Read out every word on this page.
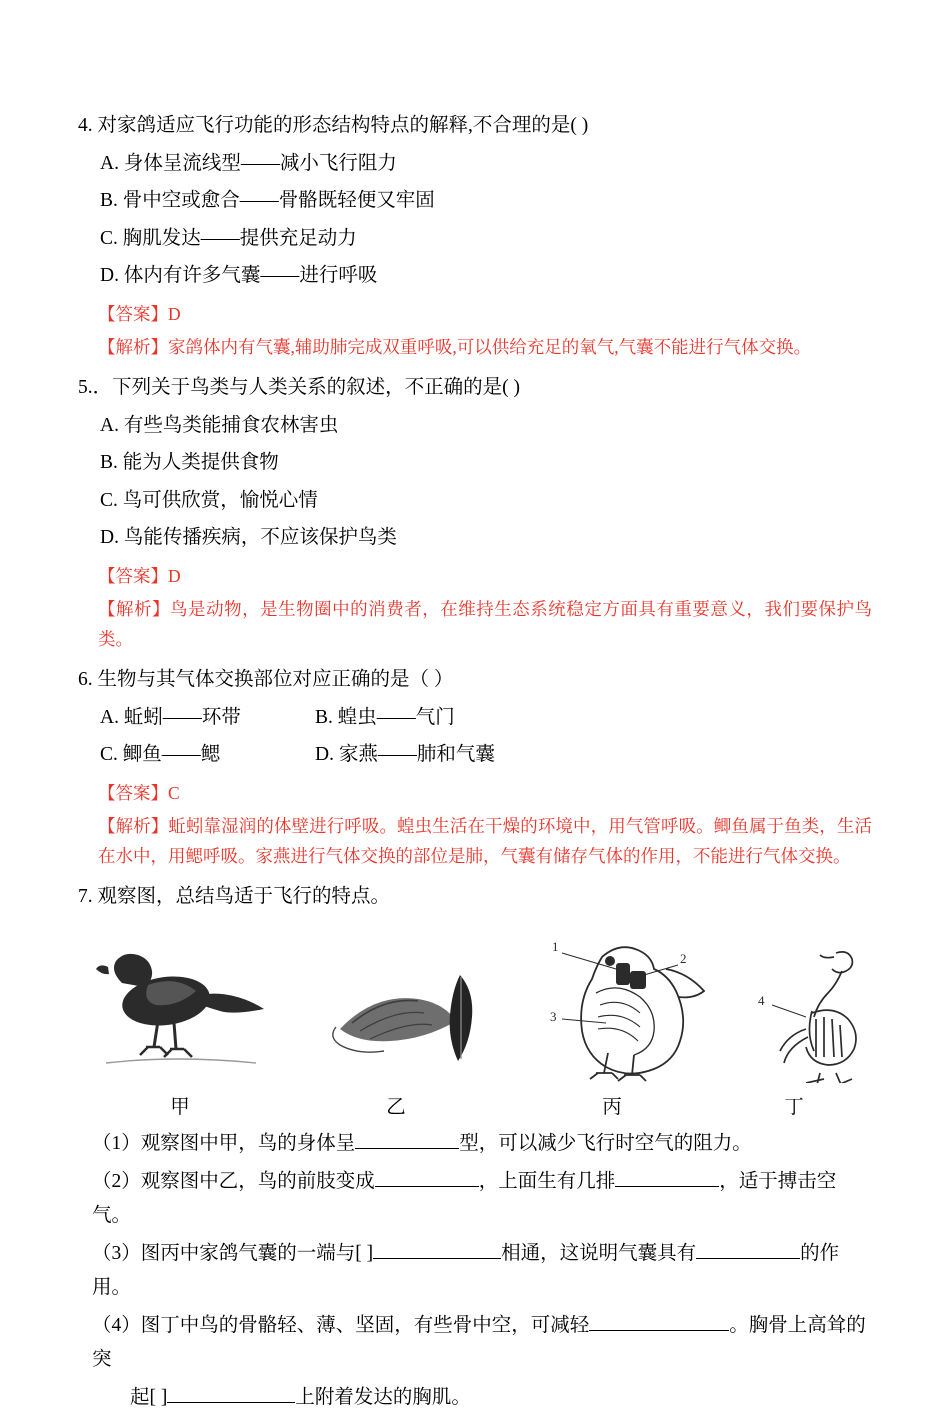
4. 对家鸽适应飞行功能的形态结构特点的解释,不合理的是( )

A. 身体呈流线型——减小飞行阻力

B. 骨中空或愈合——骨骼既轻便又牢固

C. 胸肌发达——提供充足动力

D. 体内有许多气囊——进行呼吸

【答案】D

【解析】家鸽体内有气囊,辅助肺完成双重呼吸,可以供给充足的氧气,气囊不能进行气体交换。

5.．下列关于鸟类与人类关系的叙述，不正确的是( )

A. 有些鸟类能捕食农林害虫

B. 能为人类提供食物

C. 鸟可供欣赏，愉悦心情

D. 鸟能传播疾病，不应该保护鸟类

【答案】D

【解析】鸟是动物，是生物圈中的消费者，在维持生态系统稳定方面具有重要意义，我们要保护鸟类。

6. 生物与其气体交换部位对应正确的是（ ）

A. 蚯蚓——环带	B. 蝗虫——气门
C. 鲫鱼——鳃	D. 家燕——肺和气囊

【答案】C

【解析】蚯蚓靠湿润的体壁进行呼吸。蝗虫生活在干燥的环境中，用气管呼吸。鲫鱼属于鱼类，生活在水中，用鳃呼吸。家燕进行气体交换的部位是肺，气囊有储存气体的作用，不能进行气体交换。

7. 观察图，总结鸟适于飞行的特点。

1
2
3
4
甲	乙	丙	丁

（1）观察图中甲，鸟的身体呈	型，可以减少飞行时空气的阻力。

（2）观察图中乙，鸟的前肢变成	，上面生有几排	，适于搏击空气。

（3）图丙中家鸽气囊的一端与[ ]	相通，这说明气囊具有	的作用。

（4）图丁中鸟的骨骼轻、薄、坚固，有些骨中空，可减轻	。胸骨上高耸的突

起[ ]	上附着发达的胸肌。
